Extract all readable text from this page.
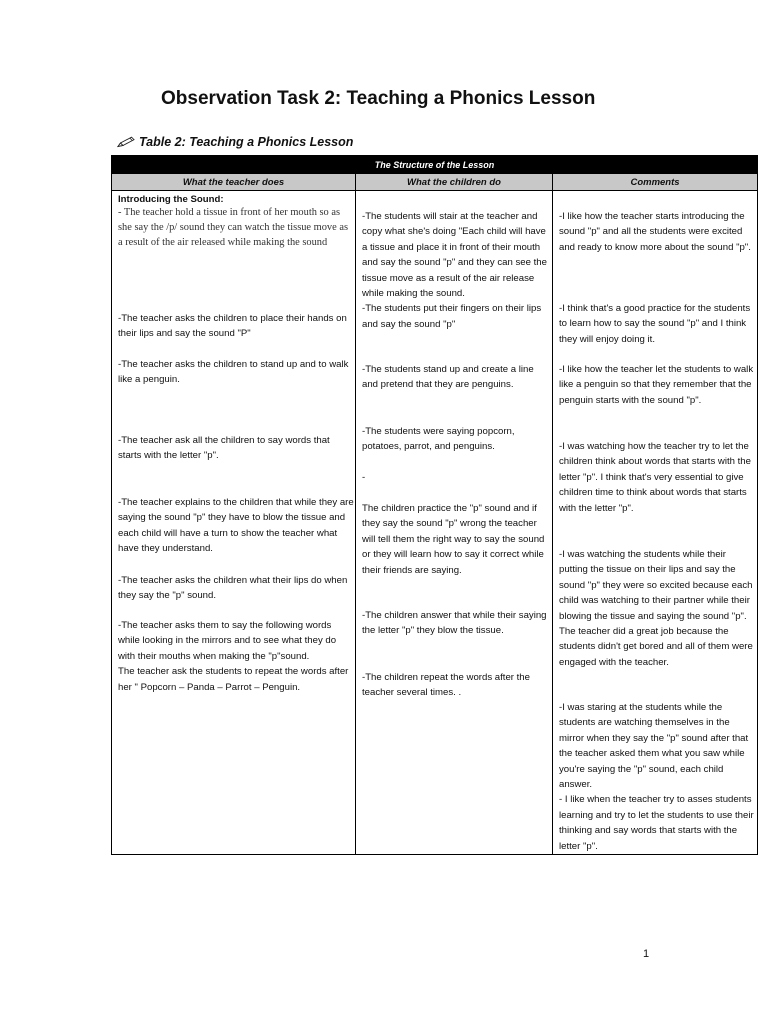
Observation Task 2: Teaching a Phonics Lesson
Table 2: Teaching a Phonics Lesson
The Structure of the Lesson
What the teacher does	What the children do	Comments

Introducing the Sound:

- The teacher hold a tissue in front of her mouth so as she say the /p/ sound they can watch the tissue move as a result of the air released while making the sound

-The teacher asks the children to place their hands on their lips and say the sound "P"

-The teacher asks the children to stand up and to walk like a penguin.

-The teacher ask all the children to say words that starts with the letter "p".

-The teacher explains to the children that while they are saying the sound "p" they have to blow the tissue and each child will have a turn to show the teacher what have they understand.

-The teacher asks the children what their lips do when they say the "p" sound.

-The teacher asks them to say the following words while looking in the mirrors and to see what they do with their mouths when making the "p"sound.
The teacher ask the students to repeat the words after her " Popcorn – Panda – Parrot – Penguin.

-The students will stair at the teacher and copy what she's doing "Each child will have a tissue and place it in front of their mouth and say the sound "p" and they can see the tissue move as a result of the air release while making the sound.
-The students put their fingers on their lips and say the sound "p"

-The students stand up and create a line and pretend that they are penguins.

-The students were saying popcorn, potatoes, parrot, and penguins.

-

The children practice the "p" sound and if they say the sound "p" wrong the teacher will tell them the right way to say the sound or they will learn how to say it correct while their friends are saying.

-The children answer that while their saying the letter "p" they blow the tissue.

-The children repeat the words after the teacher several times. .

-I like how the teacher starts introducing the sound "p" and all the students were excited and ready to know more about the sound "p".

-I think that's a good practice for the students to learn how to say the sound "p" and I think they will enjoy doing it.

-I like how the teacher let the students to walk like a penguin so that they remember that the penguin starts with the sound "p".

-I was watching how the teacher try to let the children think about words that starts with the letter "p". I think that's very essential to give children time to think about words that starts with the letter "p".

-I was watching the students while their putting the tissue on their lips and say the sound "p" they were so excited because each child was watching to their partner while their blowing the tissue and saying the sound "p". The teacher did a great job because the students didn't get bored and all of them were engaged with the teacher.

-I was staring at the students while the students are watching themselves in the mirror when they say the "p" sound after that the teacher asked them what you saw while you're saying the "p" sound, each child answer.
- I like when the teacher try to asses students learning and try to let the students to use their thinking and say words that starts with the letter "p".

1
